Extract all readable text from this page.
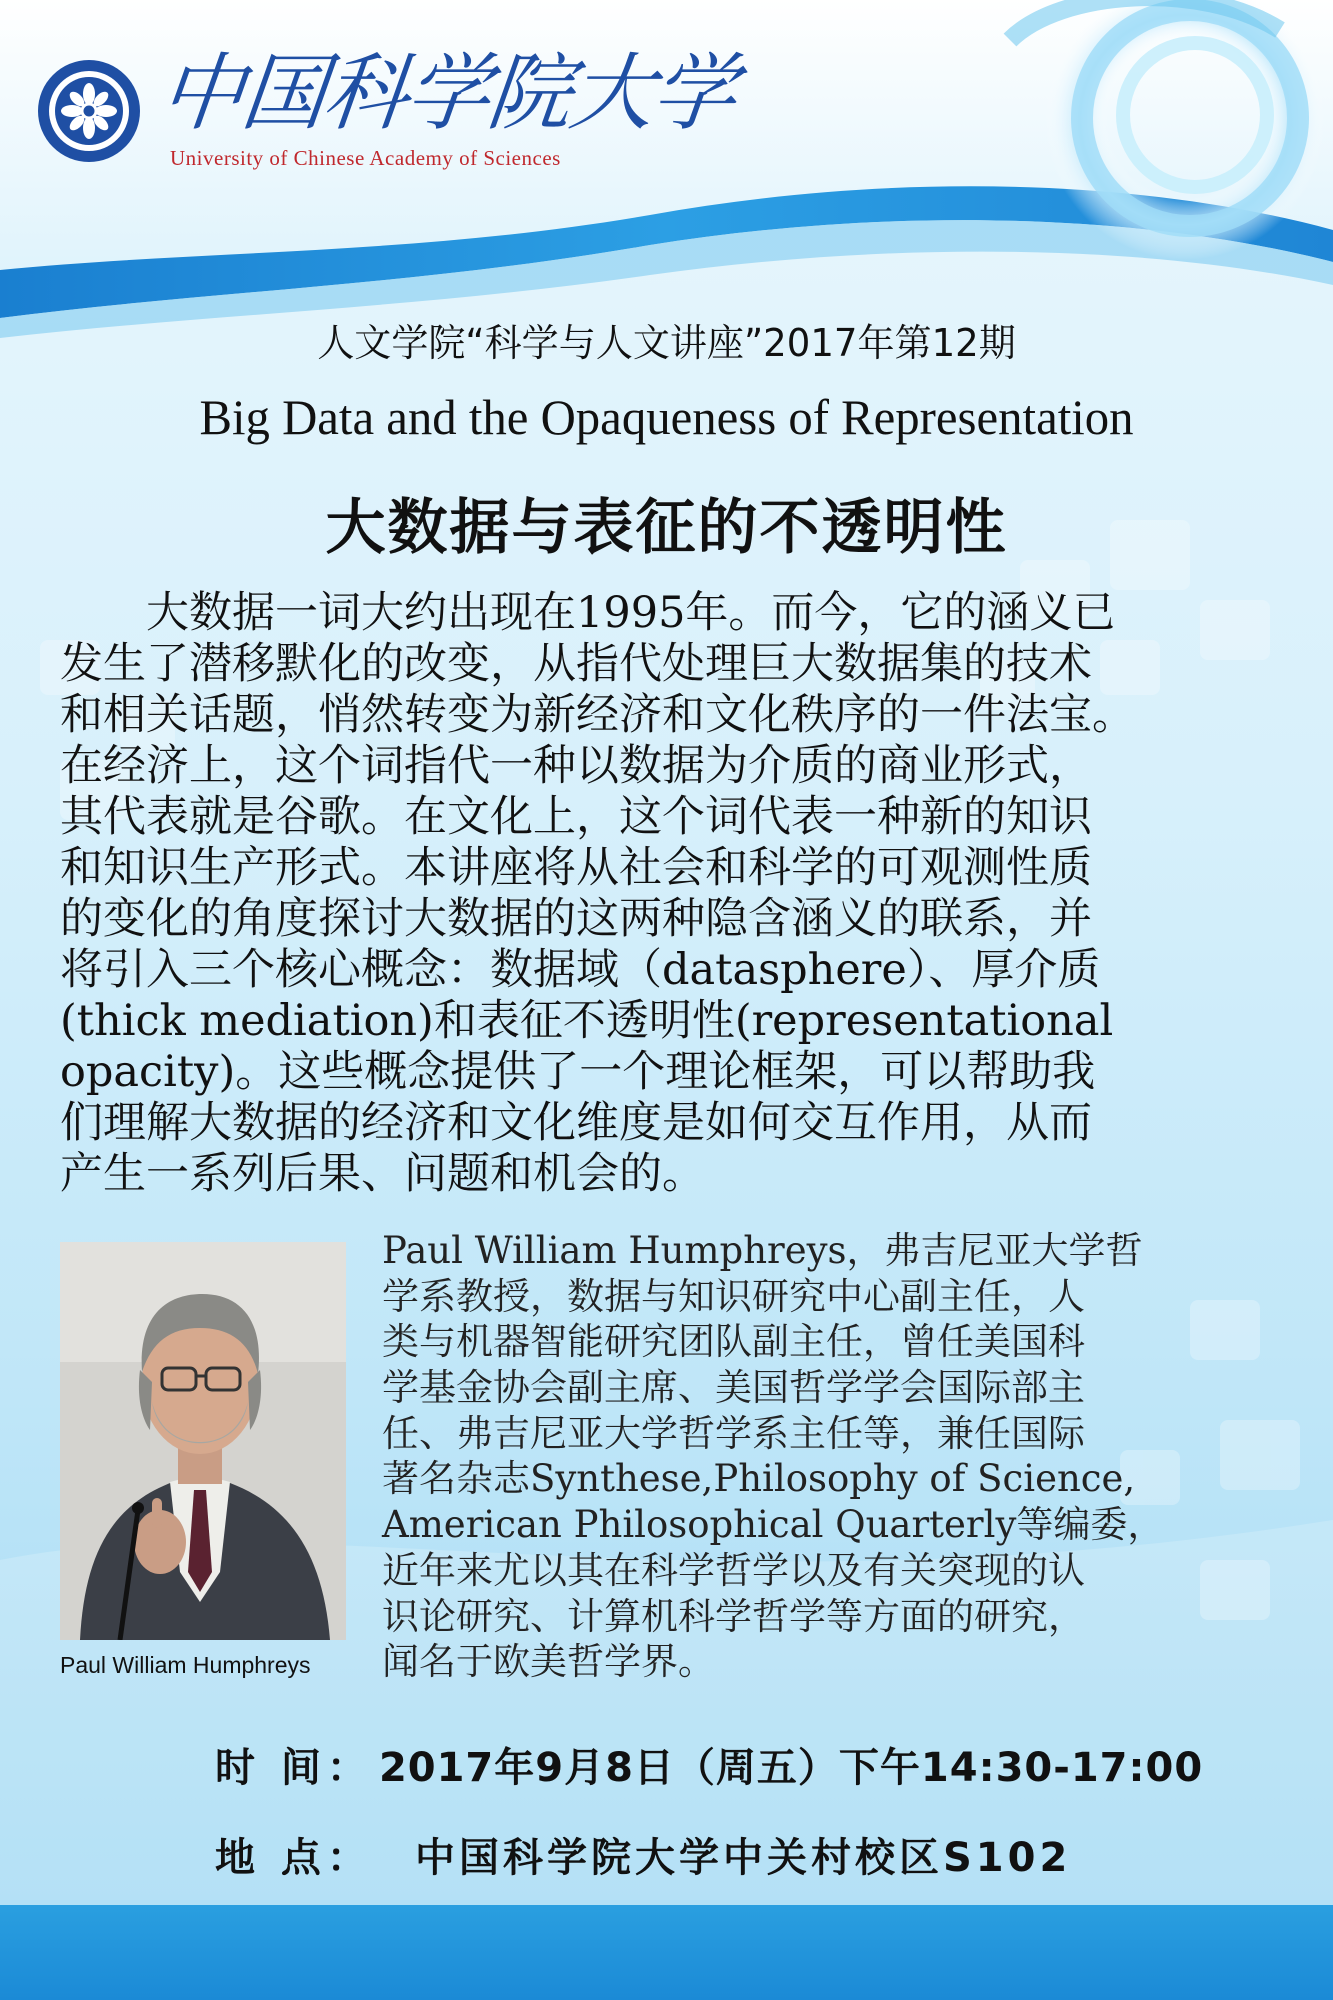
中国科学院大学
University of Chinese Academy of Sciences
人文学院“科学与人文讲座”2017年第12期
Big Data and the Opaqueness of Representation
大数据与表征的不透明性
　　大数据一词大约出现在1995年。而今，它的涵义已
发生了潜移默化的改变，从指代处理巨大数据集的技术
和相关话题，悄然转变为新经济和文化秩序的一件法宝。
在经济上，这个词指代一种以数据为介质的商业形式，
其代表就是谷歌。在文化上，这个词代表一种新的知识
和知识生产形式。本讲座将从社会和科学的可观测性质
的变化的角度探讨大数据的这两种隐含涵义的联系，并
将引入三个核心概念：数据域（datasphere）、厚介质
(thick mediation)和表征不透明性(representational
opacity)。这些概念提供了一个理论框架，可以帮助我
们理解大数据的经济和文化维度是如何交互作用，从而
产生一系列后果、问题和机会的。
Paul William Humphreys
Paul William Humphreys，弗吉尼亚大学哲
学系教授，数据与知识研究中心副主任，人
类与机器智能研究团队副主任，曾任美国科
学基金协会副主席、美国哲学学会国际部主
任、弗吉尼亚大学哲学系主任等，兼任国际
著名杂志Synthese,Philosophy of Science,
American Philosophical Quarterly等编委，
近年来尤以其在科学哲学以及有关突现的认
识论研究、计算机科学哲学等方面的研究，
闻名于欧美哲学界。
时 间： 2017年9月8日（周五）下午14:30-17:00
地 点： 中国科学院大学中关村校区S102
